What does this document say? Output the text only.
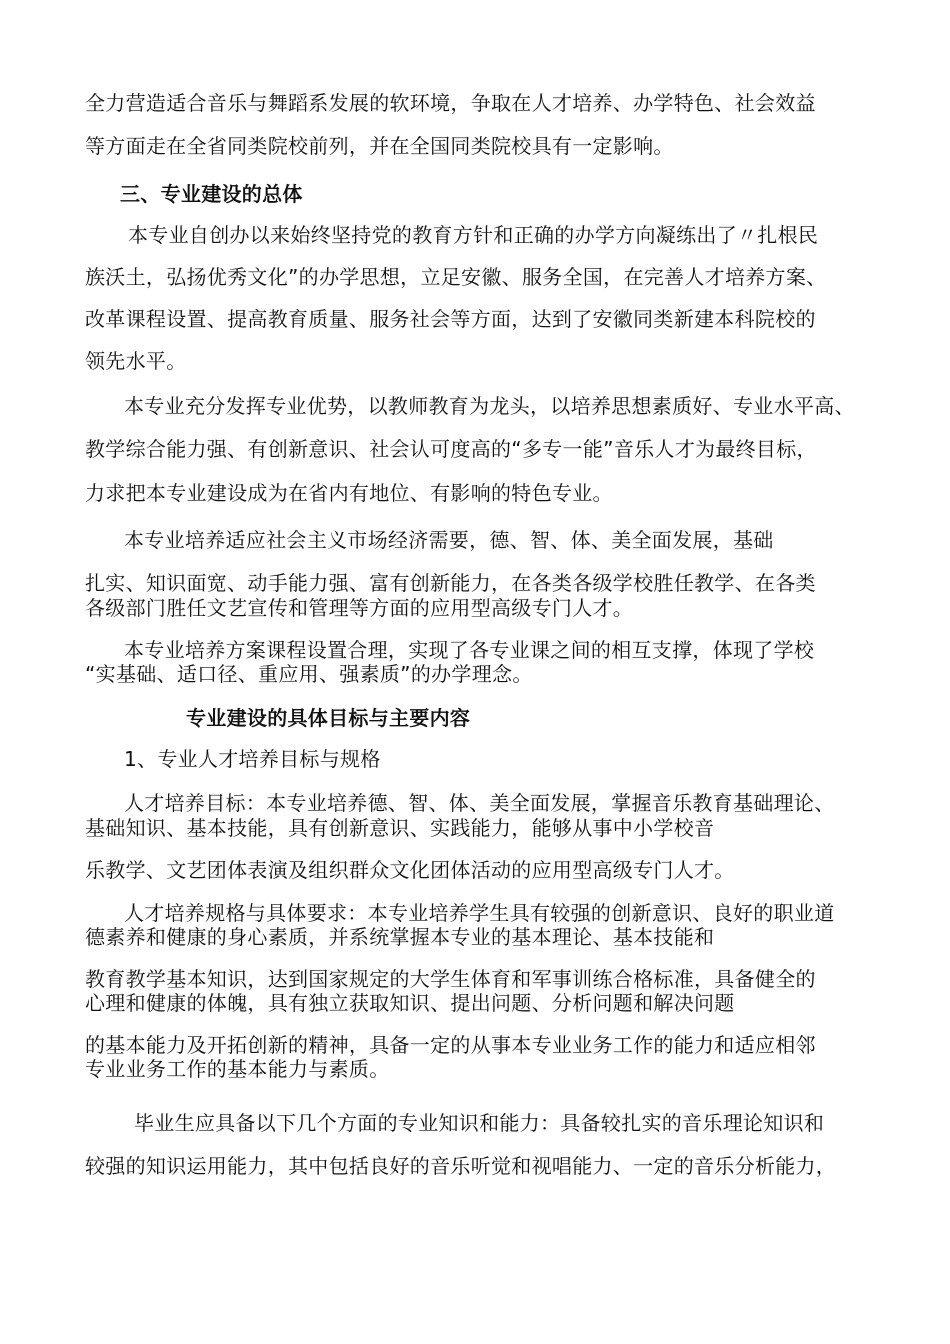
全力营造适合音乐与舞蹈系发展的软环境，争取在人才培养、办学特色、社会效益
等方面走在全省同类院校前列，并在全国同类院校具有一定影响。
三、专业建设的总体
本专业自创办以来始终坚持党的教育方针和正确的办学方向凝练出了〃扎根民
族沃土，弘扬优秀文化”的办学思想，立足安徽、服务全国，在完善人才培养方案、
改革课程设置、提高教育质量、服务社会等方面，达到了安徽同类新建本科院校的
领先水平。
本专业充分发挥专业优势，以教师教育为龙头，以培养思想素质好、专业水平高、
教学综合能力强、有创新意识、社会认可度高的“多专一能”音乐人才为最终目标，
力求把本专业建设成为在省内有地位、有影响的特色专业。
本专业培养适应社会主义市场经济需要，德、智、体、美全面发展，基础
扎实、知识面宽、动手能力强、富有创新能力，在各类各级学校胜任教学、在各类
各级部门胜任文艺宣传和管理等方面的应用型高级专门人才。
本专业培养方案课程设置合理，实现了各专业课之间的相互支撑，体现了学校
“实基础、适口径、重应用、强素质”的办学理念。
专业建设的具体目标与主要内容
1、专业人才培养目标与规格
人才培养目标：本专业培养德、智、体、美全面发展，掌握音乐教育基础理论、
基础知识、基本技能，具有创新意识、实践能力，能够从事中小学校音
乐教学、文艺团体表演及组织群众文化团体活动的应用型高级专门人才。
人才培养规格与具体要求：本专业培养学生具有较强的创新意识、良好的职业道
德素养和健康的身心素质，并系统掌握本专业的基本理论、基本技能和
教育教学基本知识，达到国家规定的大学生体育和军事训练合格标准，具备健全的
心理和健康的体魄，具有独立获取知识、提出问题、分析问题和解决问题
的基本能力及开拓创新的精神，具备一定的从事本专业业务工作的能力和适应相邻
专业业务工作的基本能力与素质。
毕业生应具备以下几个方面的专业知识和能力：具备较扎实的音乐理论知识和
较强的知识运用能力，其中包括良好的音乐听觉和视唱能力、一定的音乐分析能力，
